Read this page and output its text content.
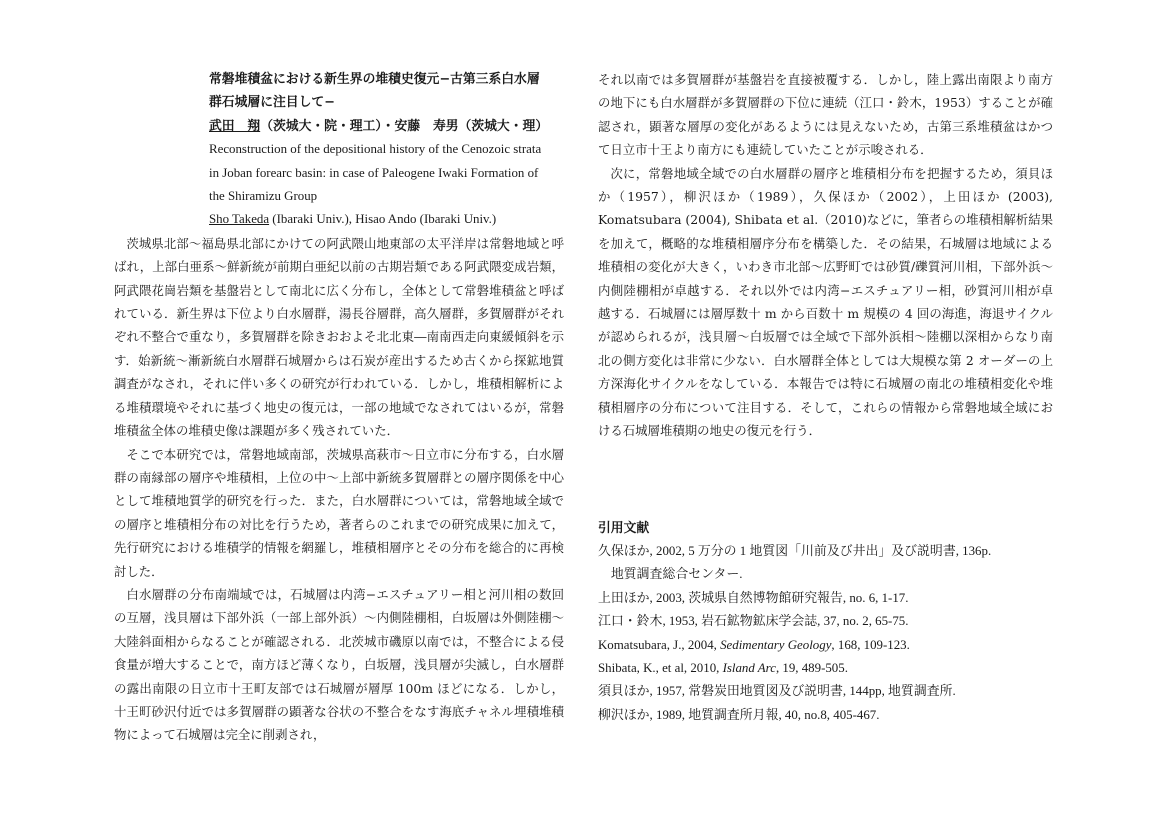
常磐堆積盆における新生界の堆積史復元−古第三系白水層
群石城層に注目して−
武田　翔（茨城大・院・理工）・安藤　寿男（茨城大・理）
Reconstruction of the depositional history of the Cenozoic strata
in Joban forearc basin: in case of Paleogene Iwaki Formation of
the Shiramizu Group
Sho Takeda (Ibaraki Univ.), Hisao Ando (Ibaraki Univ.)

茨城県北部〜福島県北部にかけての阿武隈山地東部の太平洋岸は常磐地域と呼ばれ，上部白亜系〜鮮新統が前期白亜紀以前の古期岩類である阿武隈変成岩類，阿武隈花崗岩類を基盤岩として南北に広く分布し，全体として常磐堆積盆と呼ばれている．新生界は下位より白水層群，湯長谷層群，高久層群，多賀層群がそれぞれ不整合で重なり，多賀層群を除きおおよそ北北東―南南西走向東緩傾斜を示す．始新統〜漸新統白水層群石城層からは石炭が産出するため古くから探鉱地質調査がなされ，それに伴い多くの研究が行われている．しかし，堆積相解析による堆積環境やそれに基づく地史の復元は，一部の地域でなされてはいるが，常磐堆積盆全体の堆積史像は課題が多く残されていた．

そこで本研究では，常磐地域南部，茨城県高萩市〜日立市に分布する，白水層群の南縁部の層序や堆積相，上位の中〜上部中新統多賀層群との層序関係を中心として堆積地質学的研究を行った．また，白水層群については，常磐地域全域での層序と堆積相分布の対比を行うため，著者らのこれまでの研究成果に加えて，先行研究における堆積学的情報を網羅し，堆積相層序とその分布を総合的に再検討した．

白水層群の分布南端域では，石城層は内湾−エスチュアリー相と河川相の数回の互層，浅貝層は下部外浜（一部上部外浜）〜内側陸棚相，白坂層は外側陸棚〜大陸斜面相からなることが確認される．北茨城市磯原以南では，不整合による侵食量が増大することで，南方ほど薄くなり，白坂層，浅貝層が尖滅し，白水層群の露出南限の日立市十王町友部では石城層が層厚 100m ほどになる．しかし，十王町砂沢付近では多賀層群の顕著な谷状の不整合をなす海底チャネル埋積堆積物によって石城層は完全に削剥され，

それ以南では多賀層群が基盤岩を直接被覆する．しかし，陸上露出南限より南方の地下にも白水層群が多賀層群の下位に連続（江口・鈴木，1953）することが確認され，顕著な層厚の変化があるようには見えないため，古第三系堆積盆はかつて日立市十王より南方にも連続していたことが示唆される．

次に，常磐地域全域での白水層群の層序と堆積相分布を把握するため，須貝ほか（1957），柳沢ほか（1989），久保ほか（2002），上田ほか (2003), Komatsubara (2004), Shibata et al.（2010)などに，筆者らの堆積相解析結果を加えて，概略的な堆積相層序分布を構築した．その結果，石城層は地域による堆積相の変化が大きく，いわき市北部〜広野町では砂質/礫質河川相，下部外浜〜内側陸棚相が卓越する．それ以外では内湾−エスチュアリー相，砂質河川相が卓越する．石城層には層厚数十 m から百数十 m 規模の 4 回の海進，海退サイクルが認められるが，浅貝層〜白坂層では全域で下部外浜相〜陸棚以深相からなり南北の側方変化は非常に少ない．白水層群全体としては大規模な第 2 オーダーの上方深海化サイクルをなしている．本報告では特に石城層の南北の堆積相変化や堆積相層序の分布について注目する．そして，これらの情報から常磐地域全域における石城層堆積期の地史の復元を行う．

引用文献
久保ほか, 2002, 5 万分の 1 地質図「川前及び井出」及び説明書, 136p.
地質調査総合センター.
上田ほか, 2003, 茨城県自然博物館研究報告, no. 6, 1-17.
江口・鈴木, 1953, 岩石鉱物鉱床学会誌, 37, no. 2, 65-75.
Komatsubara, J., 2004, Sedimentary Geology, 168, 109-123.
Shibata, K., et al, 2010, Island Arc, 19, 489-505.
須貝ほか, 1957, 常磐炭田地質図及び説明書, 144pp, 地質調査所.
柳沢ほか, 1989, 地質調査所月報, 40, no.8, 405-467.
